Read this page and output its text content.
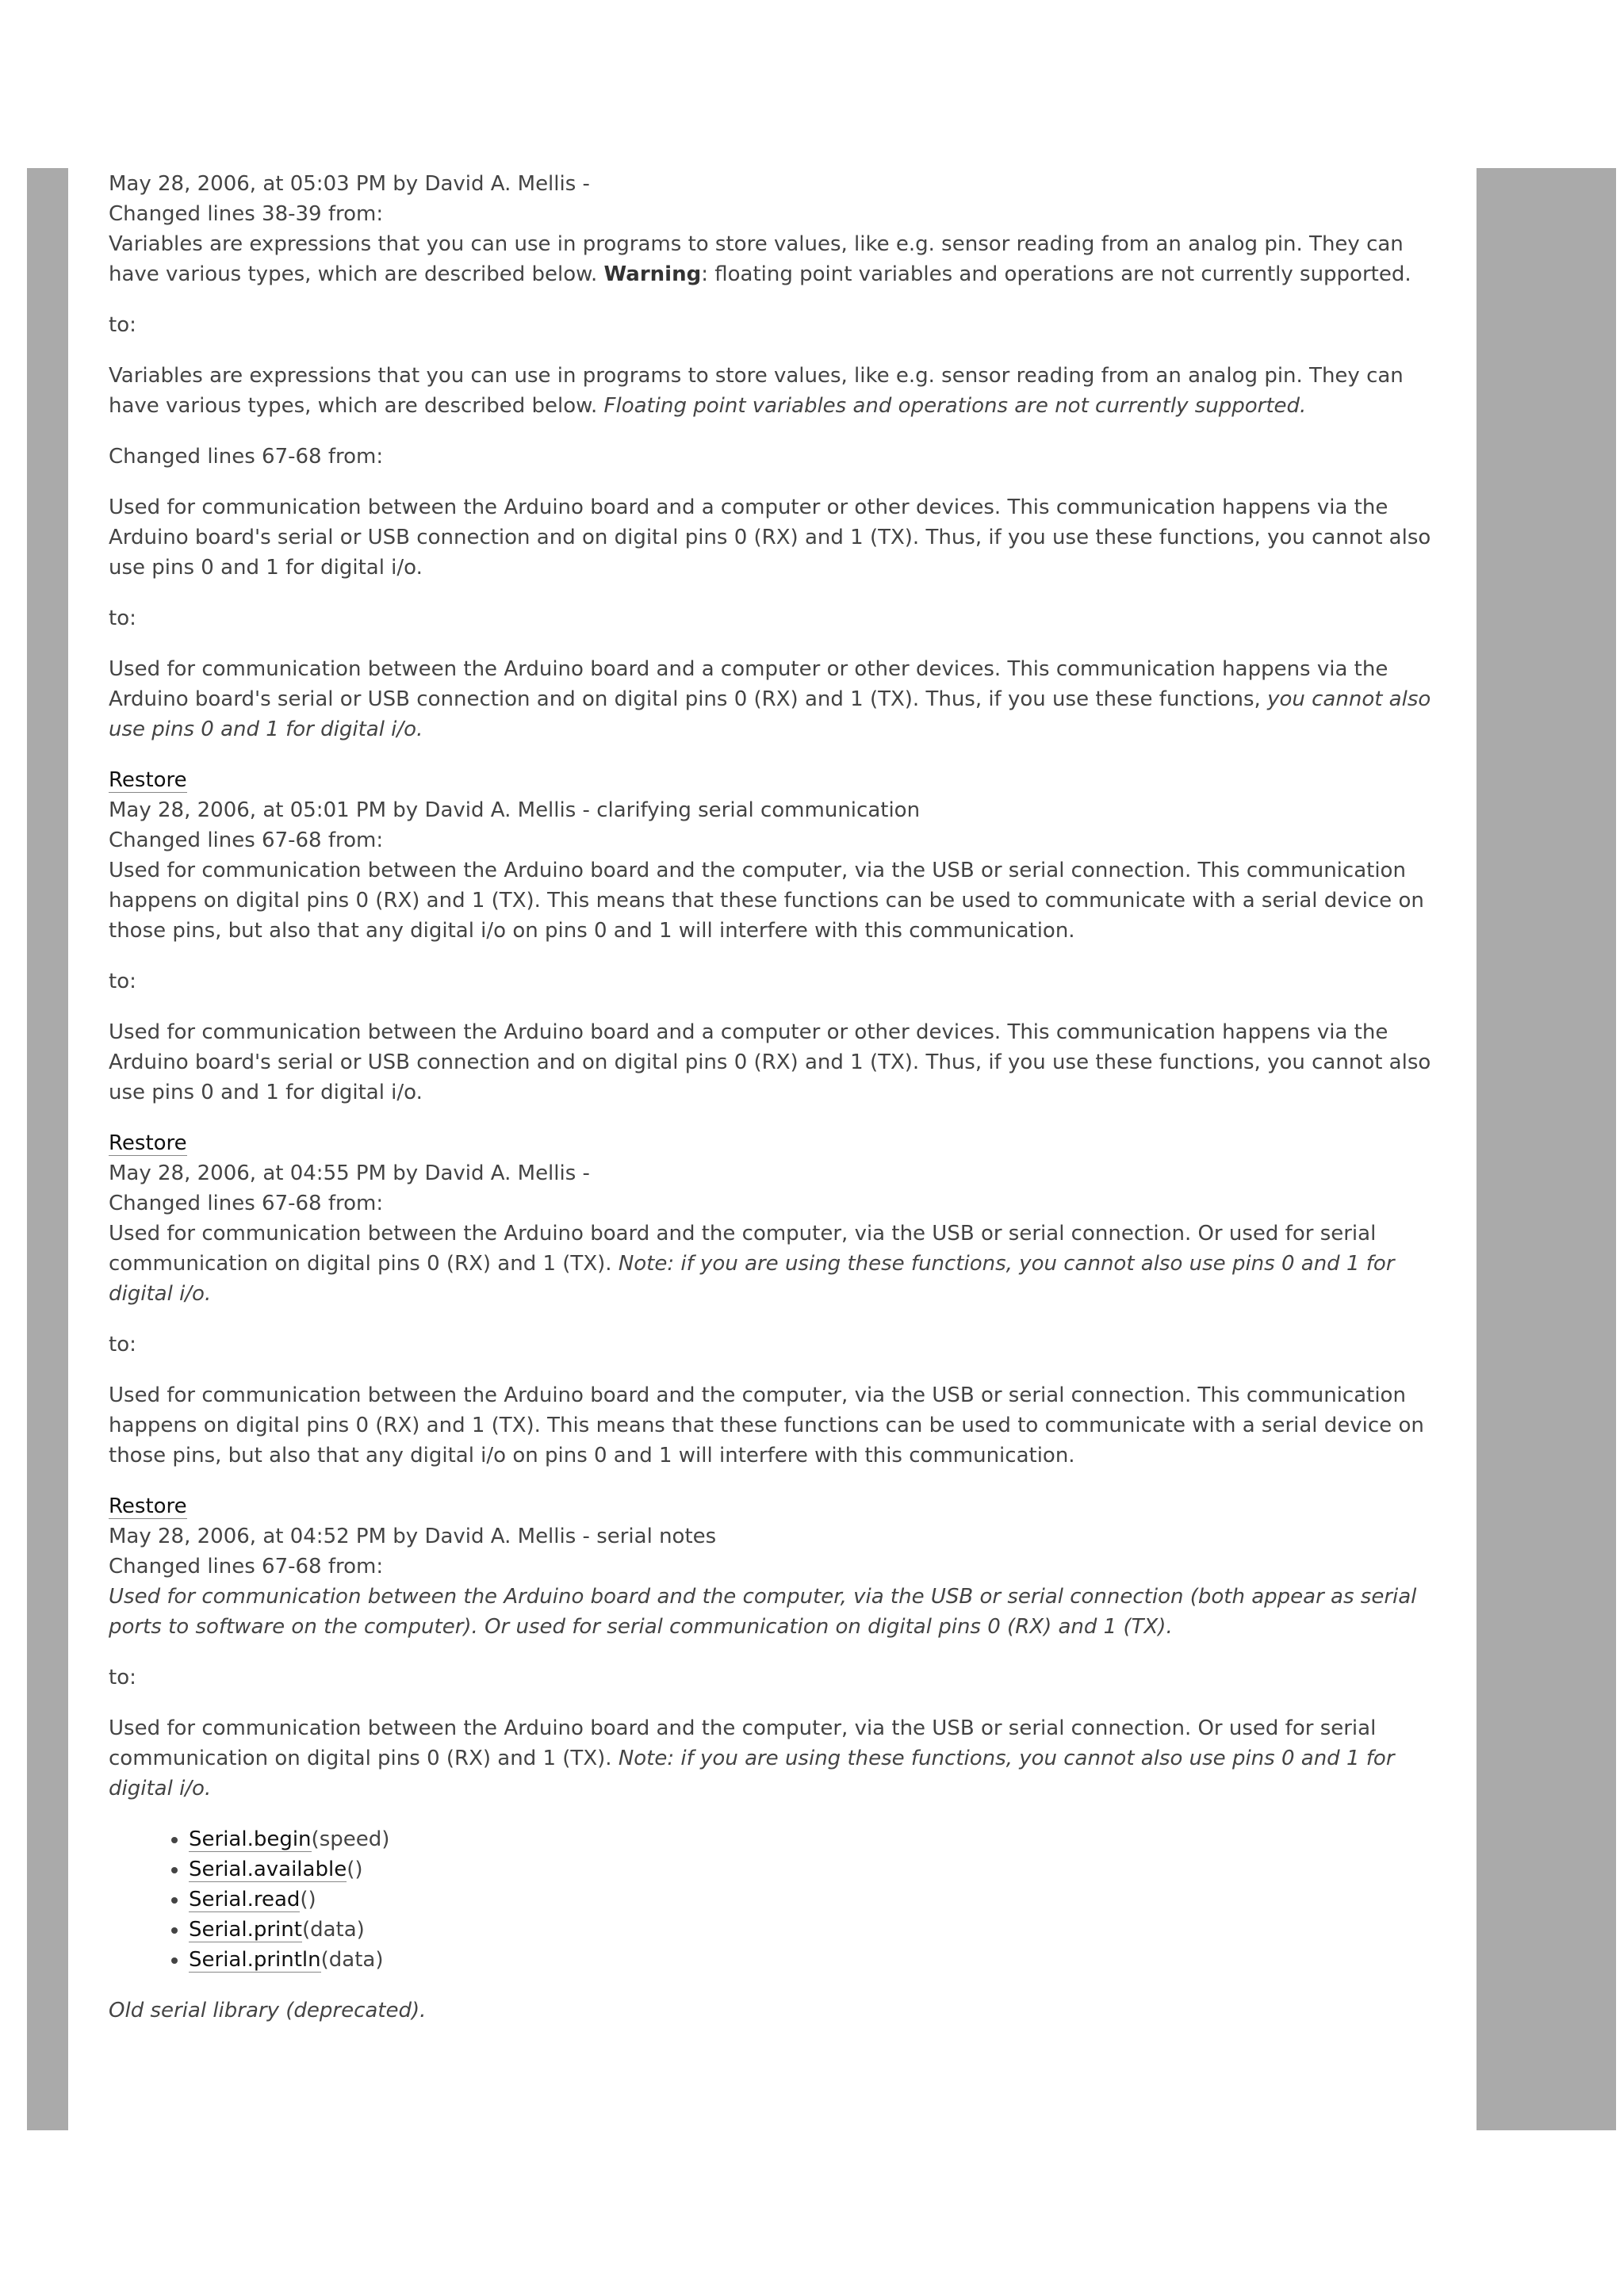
May 28, 2006, at 05:03 PM by David A. Mellis -
Changed lines 38-39 from:

Variables are expressions that you can use in programs to store values, like e.g. sensor reading from an analog pin. They can have various types, which are described below. Warning: floating point variables and operations are not currently supported.

to:

Variables are expressions that you can use in programs to store values, like e.g. sensor reading from an analog pin. They can have various types, which are described below. Floating point variables and operations are not currently supported.

Changed lines 67-68 from:

Used for communication between the Arduino board and a computer or other devices. This communication happens via the Arduino board's serial or USB connection and on digital pins 0 (RX) and 1 (TX). Thus, if you use these functions, you cannot also use pins 0 and 1 for digital i/o.

to:

Used for communication between the Arduino board and a computer or other devices. This communication happens via the Arduino board's serial or USB connection and on digital pins 0 (RX) and 1 (TX). Thus, if you use these functions, you cannot also use pins 0 and 1 for digital i/o.

Restore
May 28, 2006, at 05:01 PM by David A. Mellis - clarifying serial communication
Changed lines 67-68 from:

Used for communication between the Arduino board and the computer, via the USB or serial connection. This communication happens on digital pins 0 (RX) and 1 (TX). This means that these functions can be used to communicate with a serial device on those pins, but also that any digital i/o on pins 0 and 1 will interfere with this communication.

to:

Used for communication between the Arduino board and a computer or other devices. This communication happens via the Arduino board's serial or USB connection and on digital pins 0 (RX) and 1 (TX). Thus, if you use these functions, you cannot also use pins 0 and 1 for digital i/o.

Restore
May 28, 2006, at 04:55 PM by David A. Mellis -
Changed lines 67-68 from:

Used for communication between the Arduino board and the computer, via the USB or serial connection. Or used for serial communication on digital pins 0 (RX) and 1 (TX). Note: if you are using these functions, you cannot also use pins 0 and 1 for digital i/o.

to:

Used for communication between the Arduino board and the computer, via the USB or serial connection. This communication happens on digital pins 0 (RX) and 1 (TX). This means that these functions can be used to communicate with a serial device on those pins, but also that any digital i/o on pins 0 and 1 will interfere with this communication.

Restore
May 28, 2006, at 04:52 PM by David A. Mellis - serial notes
Changed lines 67-68 from:

Used for communication between the Arduino board and the computer, via the USB or serial connection (both appear as serial ports to software on the computer). Or used for serial communication on digital pins 0 (RX) and 1 (TX).

to:

Used for communication between the Arduino board and the computer, via the USB or serial connection. Or used for serial communication on digital pins 0 (RX) and 1 (TX). Note: if you are using these functions, you cannot also use pins 0 and 1 for digital i/o.

• Serial.begin(speed)
• Serial.available()
• Serial.read()
• Serial.print(data)
• Serial.println(data)

Old serial library (deprecated).
